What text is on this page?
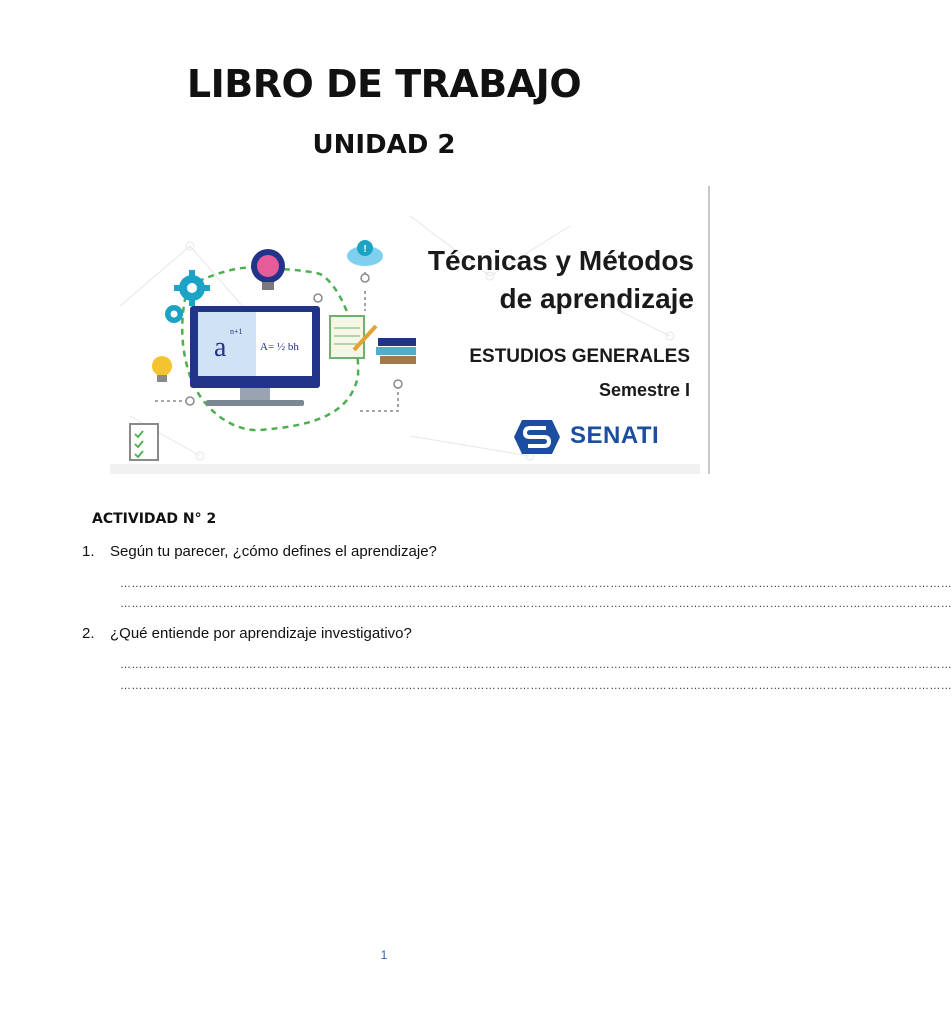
LIBRO DE TRABAJO
UNIDAD 2
!
a
n+1
A= ½ bh
Técnicas y Métodos
de aprendizaje
ESTUDIOS GENERALES
Semestre I
SENATI
ACTIVIDAD N° 2
1. Según tu parecer, ¿cómo defines el aprendizaje?
…………………………………………………………………………………………………………………………………………………………………………………………………
…………………………………………………………………………………………………………………………………………………………………………………………………
2. ¿Qué entiende por aprendizaje investigativo?
…………………………………………………………………………………………………………………………………………………………………………………………………
…………………………………………………………………………………………………………………………………………………………………………………………………
1
